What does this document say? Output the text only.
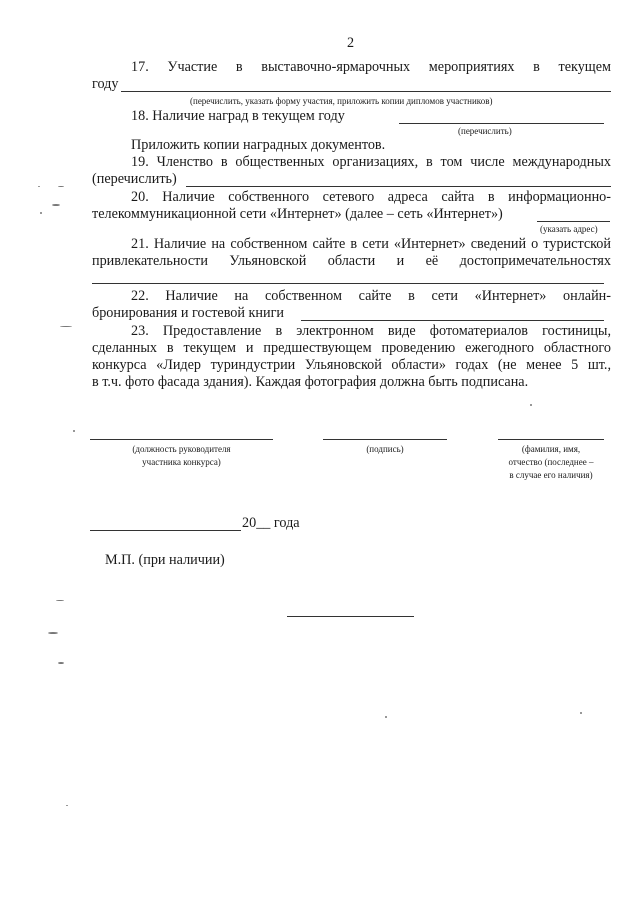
2
17. Участие в выставочно-ярмарочных мероприятиях в текущем
году
(перечислить, указать форму участия, приложить копии дипломов участников)
18. Наличие наград в текущем году
(перечислить)
Приложить копии наградных документов.
19. Членство в общественных организациях, в том числе международных
(перечислить)
20. Наличие собственного сетевого адреса сайта в информационно-
телекоммуникационной сети «Интернет» (далее – сеть «Интернет»)
(указать адрес)
21. Наличие на собственном сайте в сети «Интернет» сведений о туристской
привлекательности Ульяновской области и её достопримечательностях
22. Наличие на собственном сайте в сети «Интернет» онлайн-
бронирования и гостевой книги
23. Предоставление в электронном виде фотоматериалов гостиницы,
сделанных в текущем и предшествующем проведению ежегодного областного
конкурса «Лидер туриндустрии Ульяновской области» годах (не менее 5 шт.,
в т.ч. фото фасада здания). Каждая фотография должна быть подписана.
(должность руководителя
участника конкурса)
(подпись)	(фамилия, имя,
отчество (последнее –
в случае его наличия)
20__ года
М.П. (при наличии)
